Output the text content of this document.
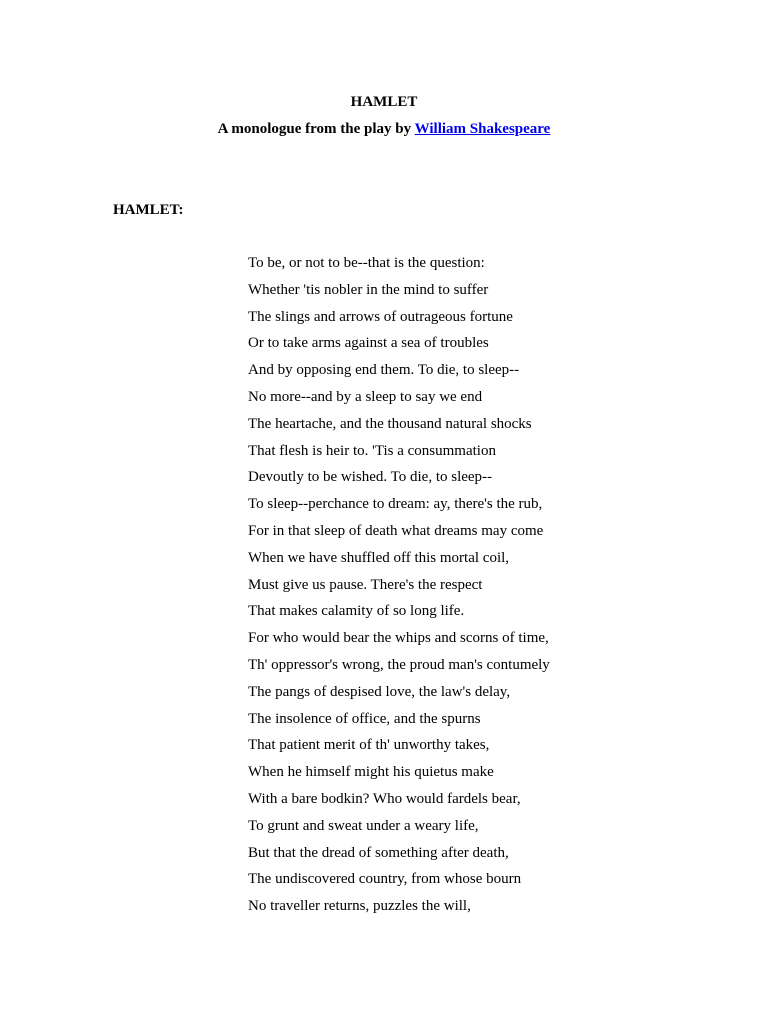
HAMLET
A monologue from the play by William Shakespeare
HAMLET:
To be, or not to be--that is the question:
Whether 'tis nobler in the mind to suffer
The slings and arrows of outrageous fortune
Or to take arms against a sea of troubles
And by opposing end them. To die, to sleep--
No more--and by a sleep to say we end
The heartache, and the thousand natural shocks
That flesh is heir to. 'Tis a consummation
Devoutly to be wished. To die, to sleep--
To sleep--perchance to dream: ay, there's the rub,
For in that sleep of death what dreams may come
When we have shuffled off this mortal coil,
Must give us pause. There's the respect
That makes calamity of so long life.
For who would bear the whips and scorns of time,
Th' oppressor's wrong, the proud man's contumely
The pangs of despised love, the law's delay,
The insolence of office, and the spurns
That patient merit of th' unworthy takes,
When he himself might his quietus make
With a bare bodkin? Who would fardels bear,
To grunt and sweat under a weary life,
But that the dread of something after death,
The undiscovered country, from whose bourn
No traveller returns, puzzles the will,
